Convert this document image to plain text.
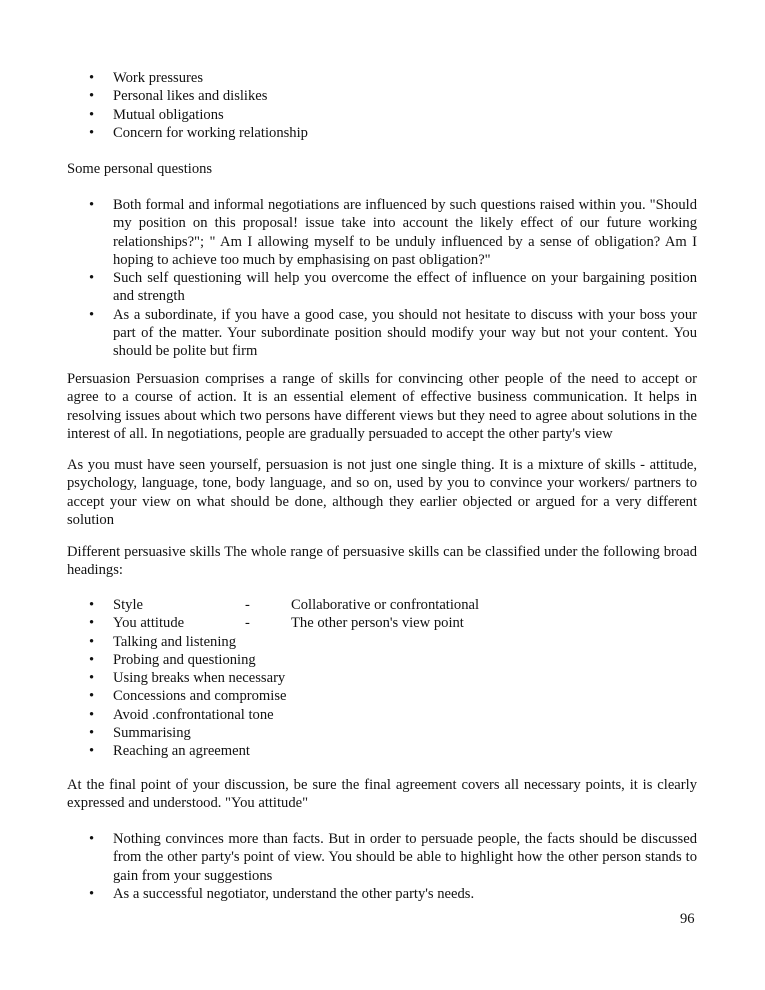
•	Work pressures
•	Personal likes and dislikes
•	Mutual obligations
•	Concern for working relationship

Some personal questions

•	Both formal and informal negotiations are influenced by such questions raised within you. "Should my position on this proposal! issue take into account the likely effect of our future working relationships?"; " Am I allowing myself to be unduly influenced by a sense of obligation? Am I hoping to achieve too much by emphasising on past obligation?"
•	Such self questioning will help you overcome the effect of influence on your bargaining position and strength
•	As a subordinate, if you have a good case, you should not hesitate to discuss with your boss your part of the matter. Your subordinate position should modify your way but not your content. You should be polite but firm

Persuasion Persuasion comprises a range of skills for convincing other people of the need to accept or agree to a course of action. It is an essential element of effective business communication. It helps in resolving issues about which two persons have different views but they need to agree about solutions in the interest of all. In negotiations, people are gradually persuaded to accept the other party's view

As you must have seen yourself, persuasion is not just one single thing. It is a mixture of skills - attitude, psychology, language, tone, body language, and so on, used by you to convince your workers/ partners to accept your view on what should be done, although they earlier objected or argued for a very different solution

Different persuasive skills The whole range of persuasive skills can be classified under the following broad headings:

•	Style	-	Collaborative or confrontational
•	You attitude	-	The other person's view point
•	Talking and listening
•	Probing and questioning
•	Using breaks when necessary
•	Concessions and compromise
•	Avoid .confrontational tone
•	Summarising
•	Reaching an agreement

At the final point of your discussion, be sure the final agreement covers all necessary points, it is clearly expressed and understood. "You attitude"

•	Nothing convinces more than facts. But in order to persuade people, the facts should be discussed from the other party's point of view. You should be able to highlight how the other person stands to gain from your suggestions
•	As a successful negotiator, understand the other party's needs.
96
